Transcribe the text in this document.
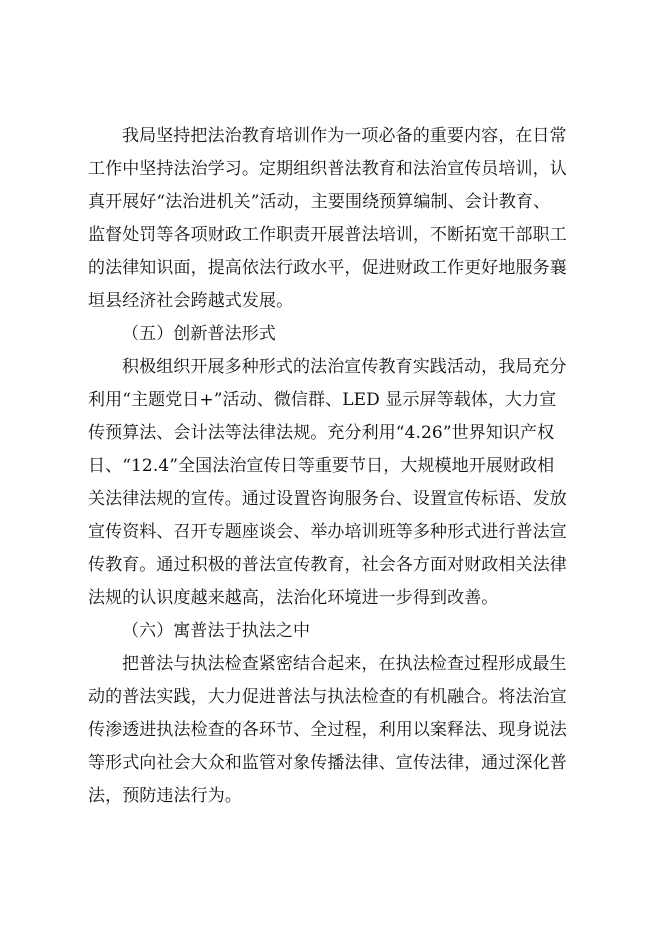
我局坚持把法治教育培训作为一项必备的重要内容，在日常
工作中坚持法治学习。定期组织普法教育和法治宣传员培训，认
真开展好“法治进机关”活动，主要围绕预算编制、会计教育、
监督处罚等各项财政工作职责开展普法培训，不断拓宽干部职工
的法律知识面，提高依法行政水平，促进财政工作更好地服务襄
垣县经济社会跨越式发展。
（五）创新普法形式
积极组织开展多种形式的法治宣传教育实践活动，我局充分
利用“主题党日+”活动、微信群、LED 显示屏等载体，大力宣
传预算法、会计法等法律法规。充分利用“4.26”世界知识产权
日、“12.4”全国法治宣传日等重要节日，大规模地开展财政相
关法律法规的宣传。通过设置咨询服务台、设置宣传标语、发放
宣传资料、召开专题座谈会、举办培训班等多种形式进行普法宣
传教育。通过积极的普法宣传教育，社会各方面对财政相关法律
法规的认识度越来越高，法治化环境进一步得到改善。
（六）寓普法于执法之中
把普法与执法检查紧密结合起来，在执法检查过程形成最生
动的普法实践，大力促进普法与执法检查的有机融合。将法治宣
传渗透进执法检查的各环节、全过程，利用以案释法、现身说法
等形式向社会大众和监管对象传播法律、宣传法律，通过深化普
法，预防违法行为。
